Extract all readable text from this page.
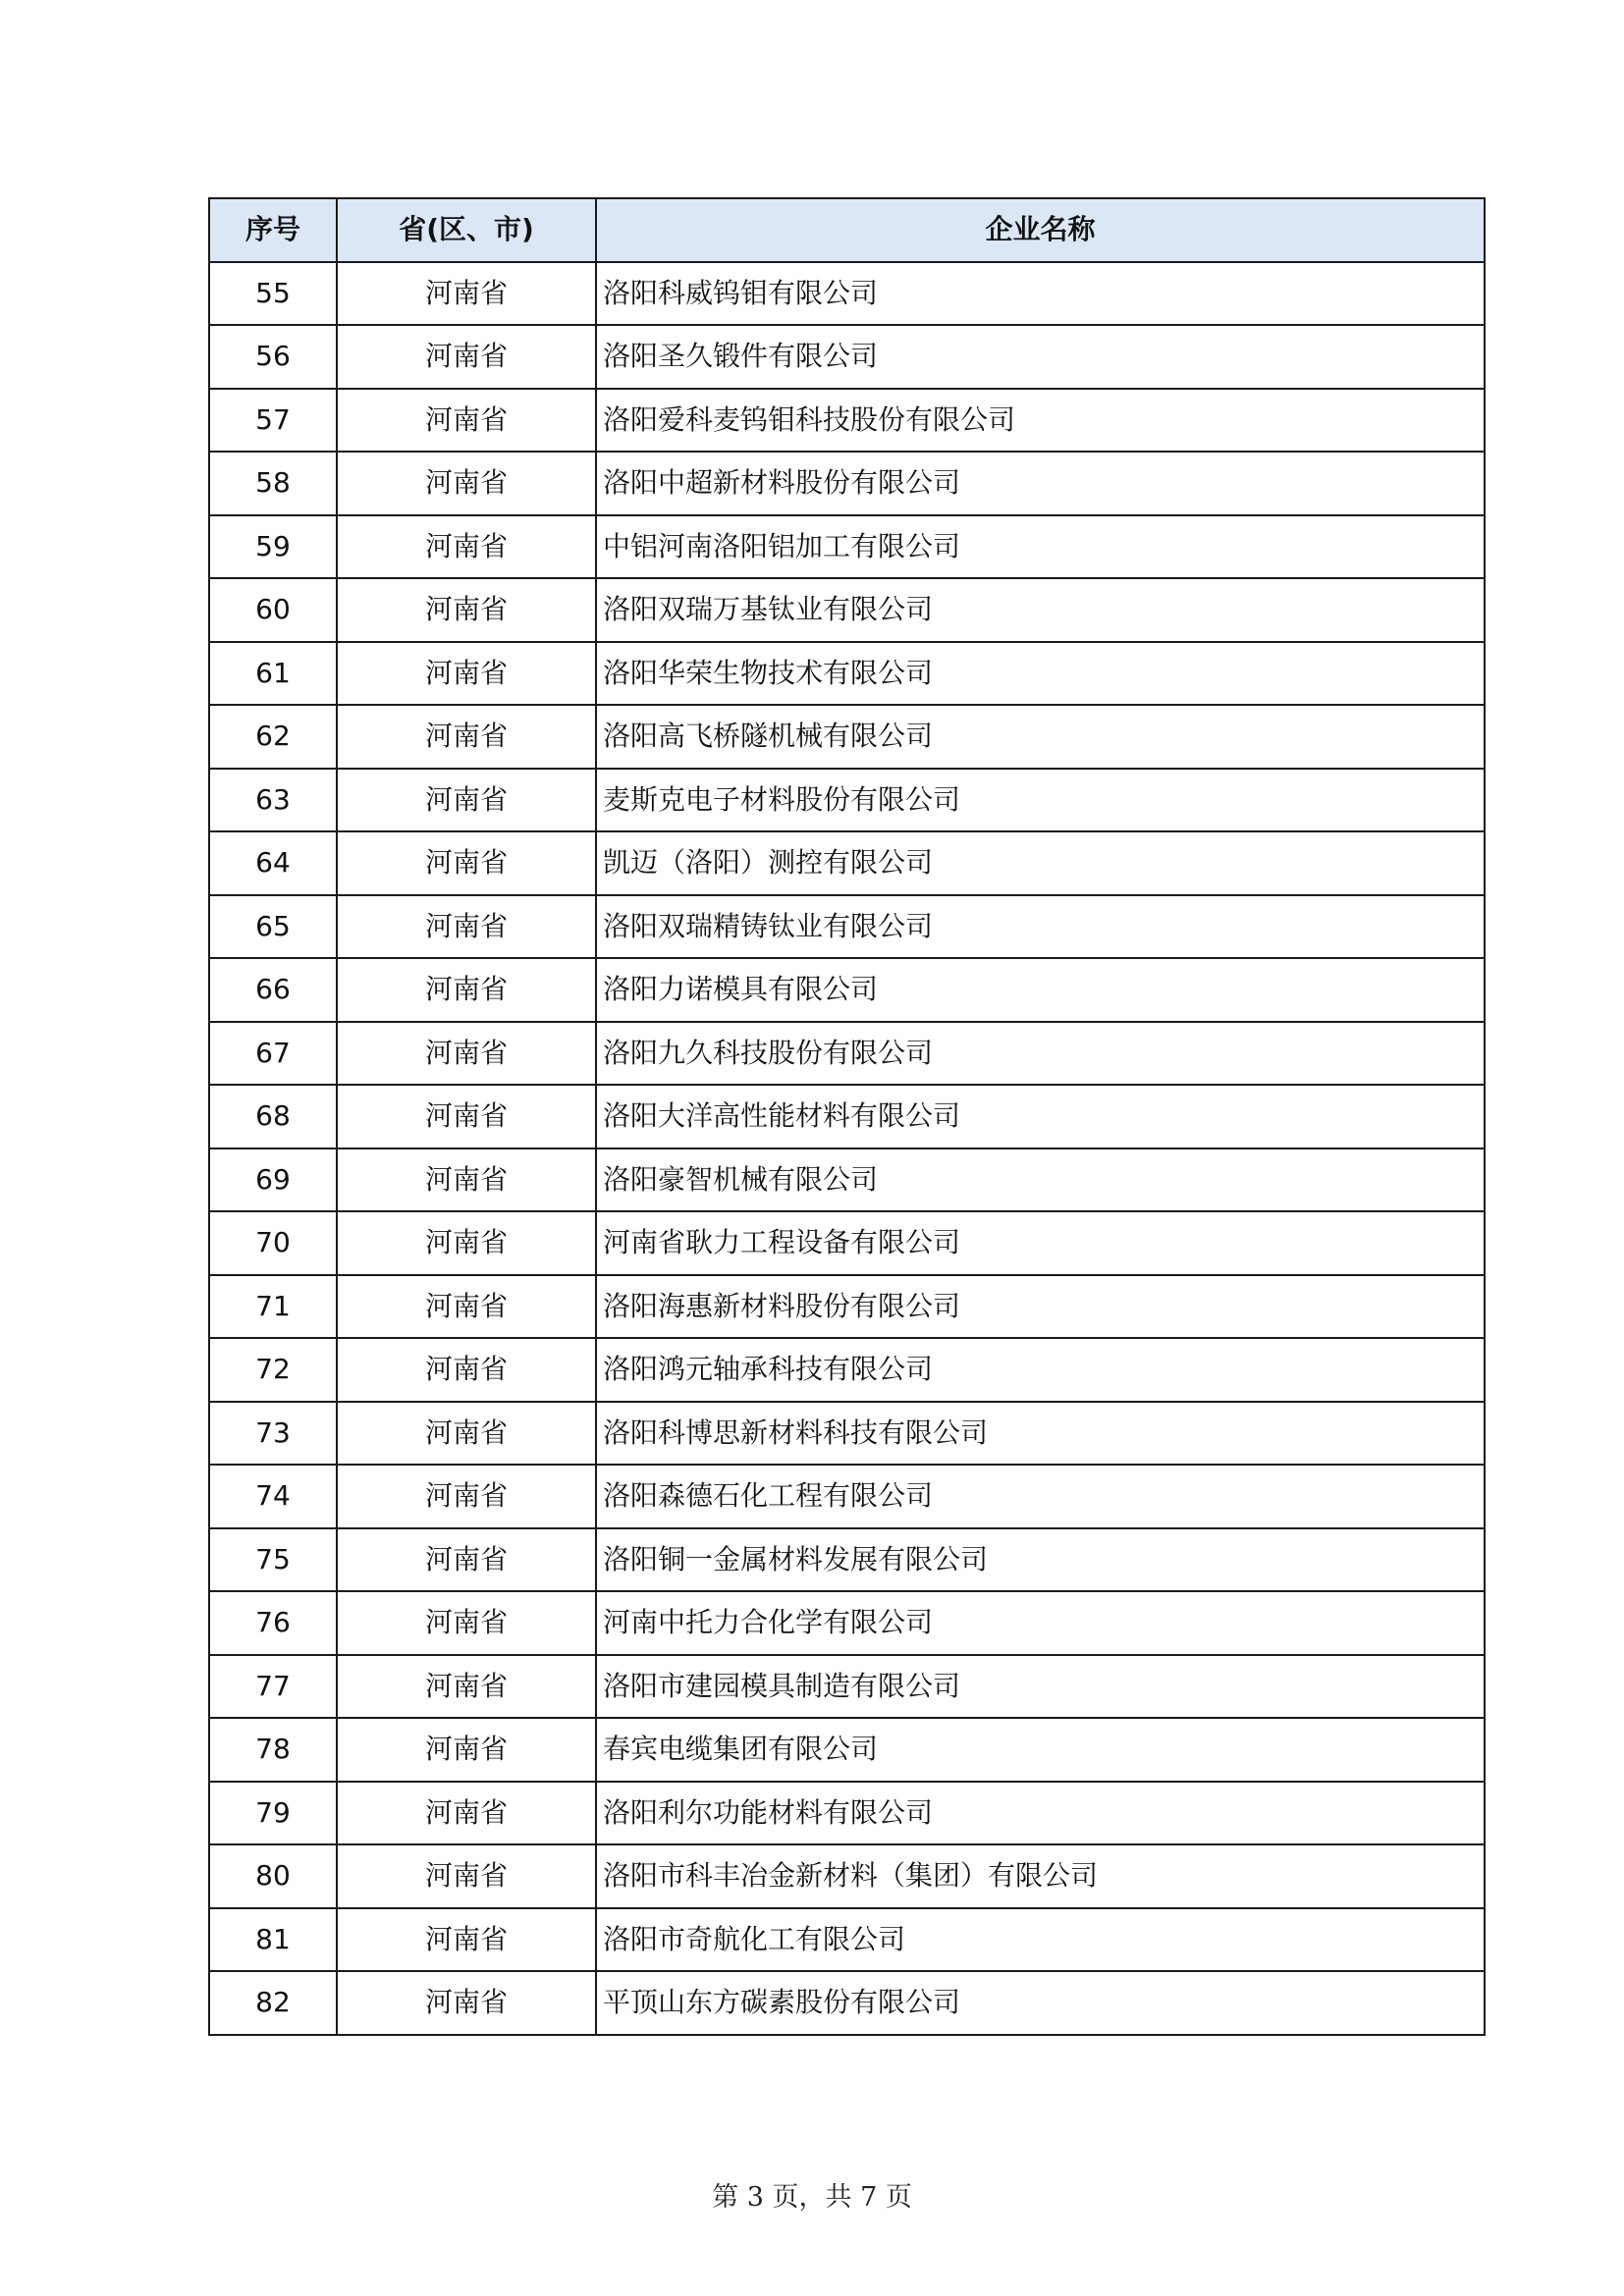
序号	省(区、市)	企业名称
55	河南省	洛阳科威钨钼有限公司
56	河南省	洛阳圣久锻件有限公司
57	河南省	洛阳爱科麦钨钼科技股份有限公司
58	河南省	洛阳中超新材料股份有限公司
59	河南省	中铝河南洛阳铝加工有限公司
60	河南省	洛阳双瑞万基钛业有限公司
61	河南省	洛阳华荣生物技术有限公司
62	河南省	洛阳高飞桥隧机械有限公司
63	河南省	麦斯克电子材料股份有限公司
64	河南省	凯迈（洛阳）测控有限公司
65	河南省	洛阳双瑞精铸钛业有限公司
66	河南省	洛阳力诺模具有限公司
67	河南省	洛阳九久科技股份有限公司
68	河南省	洛阳大洋高性能材料有限公司
69	河南省	洛阳豪智机械有限公司
70	河南省	河南省耿力工程设备有限公司
71	河南省	洛阳海惠新材料股份有限公司
72	河南省	洛阳鸿元轴承科技有限公司
73	河南省	洛阳科博思新材料科技有限公司
74	河南省	洛阳森德石化工程有限公司
75	河南省	洛阳铜一金属材料发展有限公司
76	河南省	河南中托力合化学有限公司
77	河南省	洛阳市建园模具制造有限公司
78	河南省	春宾电缆集团有限公司
79	河南省	洛阳利尔功能材料有限公司
80	河南省	洛阳市科丰冶金新材料（集团）有限公司
81	河南省	洛阳市奇航化工有限公司
82	河南省	平顶山东方碳素股份有限公司
第 3 页，共 7 页
